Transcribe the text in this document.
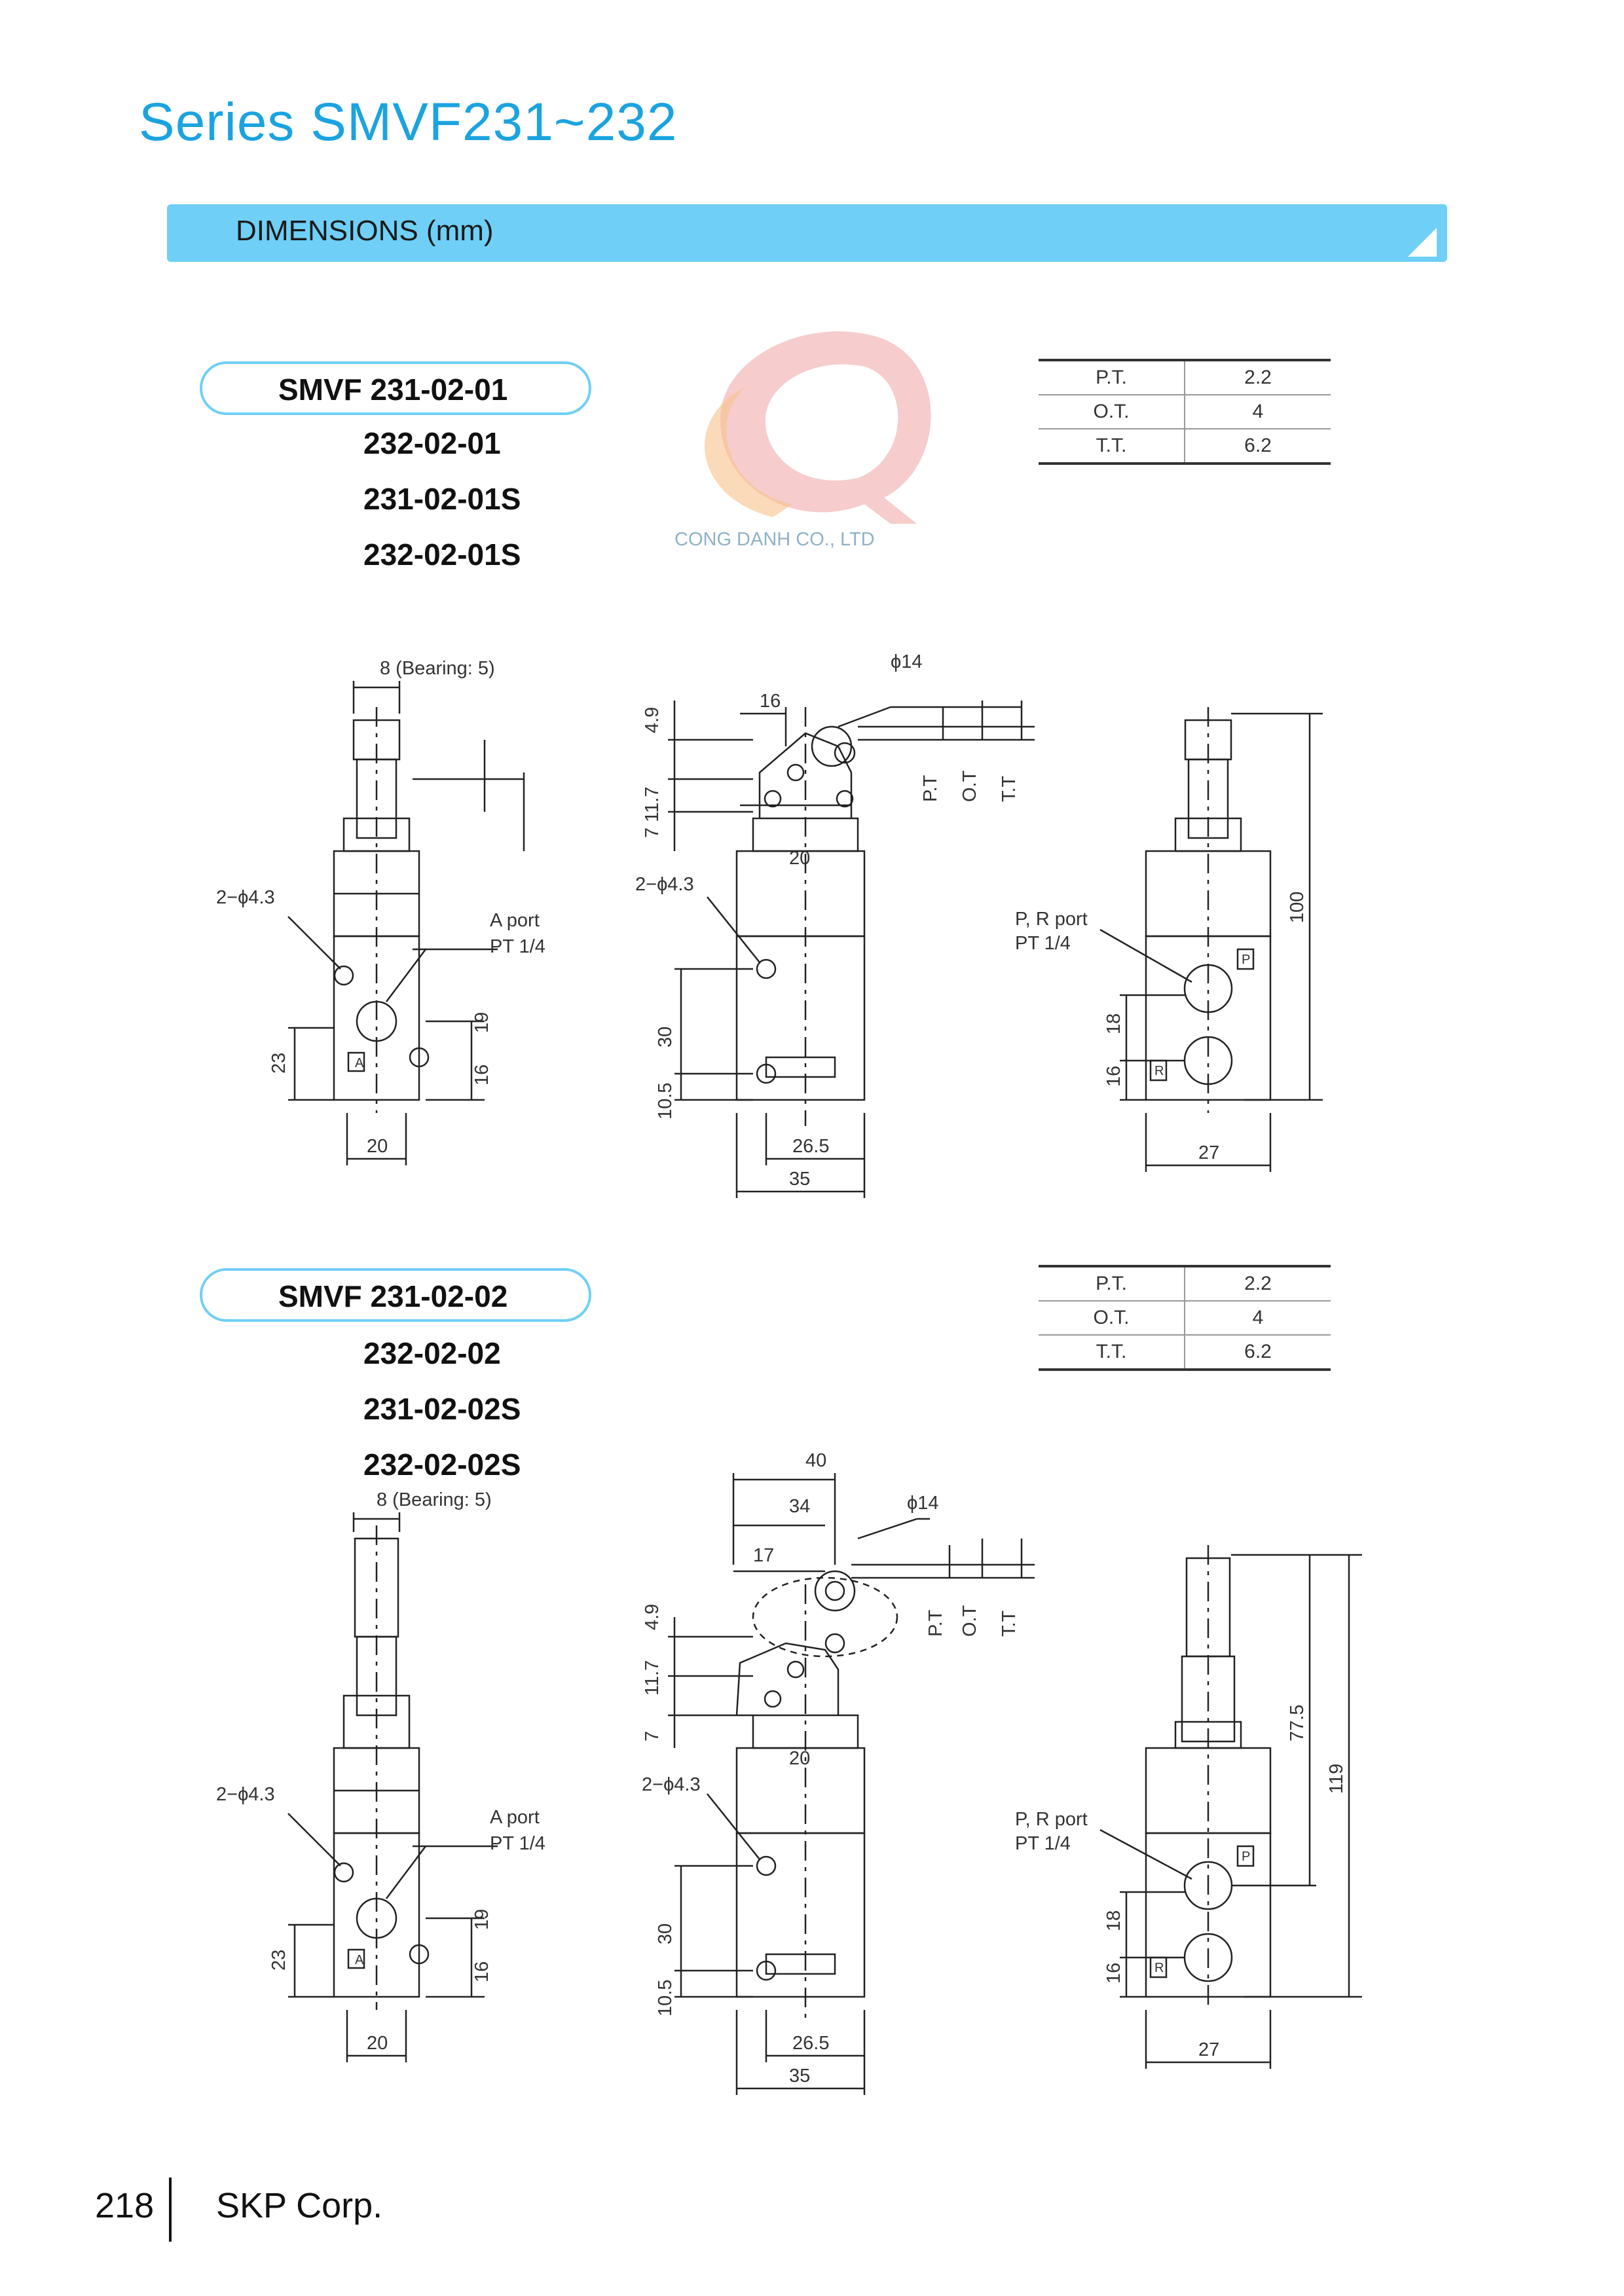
Series SMVF231~232
DIMENSIONS (mm)
SMVF 231-02-01
232-02-01
231-02-01S
232-02-01S	CONG DANH CO., LTD
P.T.	2.2
O.T.	4
T.T.	6.2
8 (Bearing: 5)
2−ϕ4.3
A port
PT 1/4
A
19
16
23
20
ϕ14
16
4.9
7 11.7
20
P.T O.T T.T
2−ϕ4.3
30
10.5
26.5
35
P, R port
PT 1/4
P
R
100
18
16
27
SMVF 231-02-02
232-02-02
231-02-02S
232-02-02S
P.T.	2.2
O.T.	4
T.T.	6.2
8 (Bearing: 5)
2−ϕ4.3
A port
PT 1/4
A
19
16
23
20
40
34
17
ϕ14
P.T O.T T.T
4.9
11.7
7
20
2−ϕ4.3
30
10.5
26.5
35
P, R port
PT 1/4
P
R
77.5
119
18
16
27
218 SKP Corp.
